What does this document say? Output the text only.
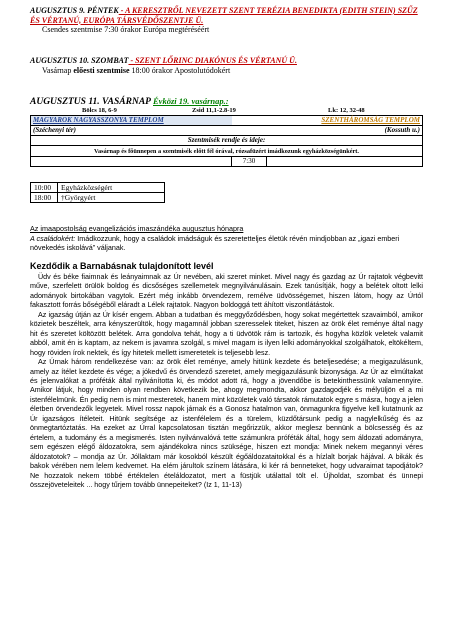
AUGUSZTUS 9. PÉNTEK - A KERESZTRŐL NEVEZETT SZENT TERÉZIA BENEDIKTA (EDITH STEIN) SZŰZ ÉS VÉRTANÚ, EURÓPA TÁRSVÉDŐSZENTJE Ü.
Csendes szentmise 7:30 órakor Európa megtéréséért
AUGUSZTUS 10. SZOMBAT - SZENT LŐRINC DIAKÓNUS ÉS VÉRTANÚ Ü.
Vasárnap előesti szentmise 18:00 órakor Apostolutódokért
AUGUSZTUS 11. VASÁRNAP Évközi 19. vasárnap.:
Bölcs 18, 6-9	Zsid 11,1-2.8-19	Lk: 12, 32-48
MAGYAROK NAGYASSZONYA TEMPLOM	SZENTHÁROMSÁG TEMPLOM	
(Széchenyi tér)	(Kossuth u.)	
Szentmisék rendje és ideje:		
Vasárnap és főünnepen a szentmisék előtt fél órával, rózsafüzért imádkozunk egyházközségünkért.		
	7:30	
10:00	Egyházközségért
18:00	†Györgyért
Az imaapostolság evangelizációs imaszándéka augusztus hónapra
A családokért: Imádkozzunk, hogy a családok imádságuk és szeretetteljes életük révén mindjobban az „igazi emberi növekedés iskolává” váljanak.
Kezdődik a Barnabásnak tulajdonított levél

Üdv és béke fiaimnak és leányaimnak az Úr nevében, aki szeret minket. Mivel nagy és gazdag az Úr rajtatok végbevitt műve, szerfelett örülök boldog és dicsőséges szellemetek megnyilvánulásain. Ezek tanúsítják, hogy a belétek oltott lelki adományok birtokában vagytok. Ezért még inkább örvendezem, remélve üdvösségemet, hiszen látom, hogy az Úrtól fakasztott forrás bőségéből eláradt a Lélek rajtatok. Nagyon boldoggá tett áhított viszontlátástok.

Az igazság útján az Úr kísér engem. Abban a tudatban és meggyőződésben, hogy sokat megértettek szavaimból, amikor közietek beszéltek, arra kényszerültök, hogy magamnál jobban szeresselek titeket, hiszen az örök élet reménye által nagy hit és szeretet költözött belétek. Arra gondolva tehát, hogy a ti üdvötök rám is tartozik, és hogyha közlök veletek valamit abból, amit én is kaptam, az nekem is javamra szolgál, s mivel magam is ilyen lelki adományokkal szolgálhatok, eltökéltem, hogy röviden írok nektek, és így hitetek mellett ismeretetek is teljesebb lesz.

Az Úrnak három rendelkezése van: az örök élet reménye, amely hitünk kezdete és beteljesedése; a megigazulásunk, amely az ítélet kezdete és vége; a jókedvű és örvendező szeretet, amely megigazulásunk bizonysága. Az Úr az elmúltakat és jelenvalókat a próféták által nyilvánította ki, és módot adott rá, hogy a jövendőbe is betekinthessünk valamennyire. Amikor látjuk, hogy minden olyan rendben következik be, ahogy megmondta, akkor gazdagodjék és mélyüljön el a mi istenfélelmünk. Én pedig nem is mint mesteretek, hanem mint közületek való társatok rámutatok egyre s másra, hogy a jelen életben örvendezők legyetek. Mivel rossz napok járnak és a Gonosz hatalmon van, önmagunkra figyelve kell kutatnunk az Úr igazságos ítéleteit. Hitünk segítsége az istenfélelem és a türelem, küzdőtársunk pedig a nagylelkűség és az önmegtartóztatás. Ha ezeket az Úrral kapcsolatosan tisztán megőrizzük, akkor meglesz bennünk a bölcsesség és az értelem, a tudomány és a megismerés. Isten nyilvánvalóvá tette számunkra próféták által, hogy sem áldozati adományra, sem egészen elégő áldozatokra, sem ajándékokra nincs szüksége, hiszen ezt mondja: Minek nekem megannyi véres áldozatotok? – mondja az Úr. Jóllaktam már kosokból készült égőáldozataitokkal és a hízlalt borjak hájával. A bikák és bakok vérében nem lelem kedvemet. Ha elém járultok színem látására, ki kér rá benneteket, hogy udvaraimat tapodjátok? Ne hozzatok nekem többé értéktelen ételáldozatot, mert a füstjük utálattal tölt el. Újholdat, szombat és ünnepi összejöveteleitek ... hogy tűrjem tovább ünnepeiteket? (Iz 1, 11-13)
